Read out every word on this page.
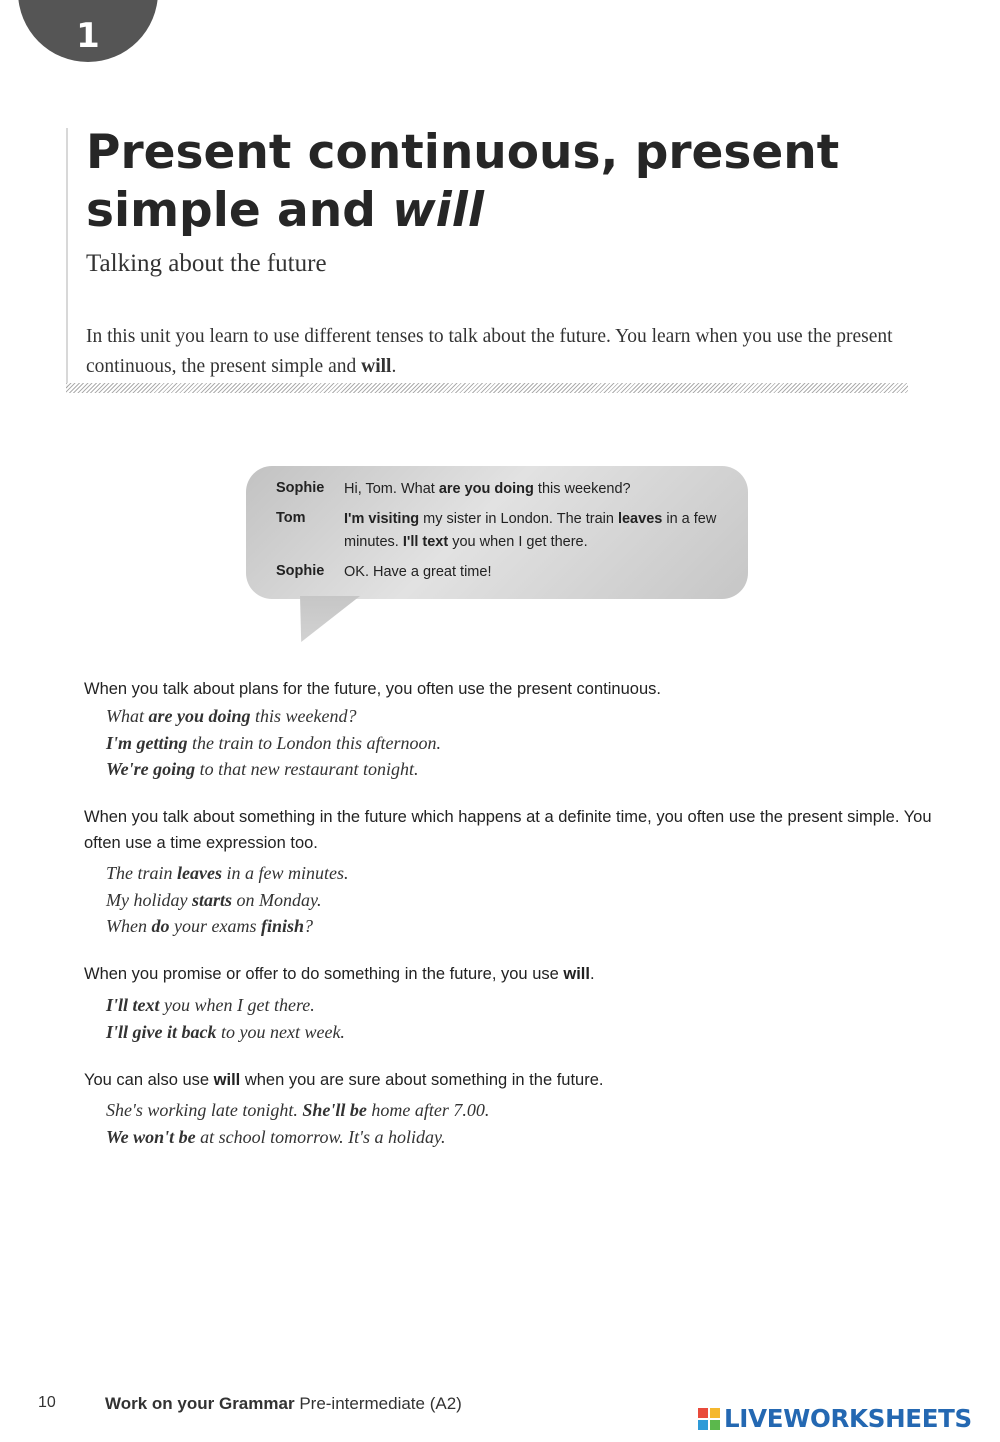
1
Present continuous, present simple and will

Talking about the future

In this unit you learn to use different tenses to talk about the future. You learn when you use the present continuous, the present simple and will.

Sophie	Hi, Tom. What are you doing this weekend?
Tom	I'm visiting my sister in London. The train leaves in a few minutes. I'll text you when I get there.
Sophie	OK. Have a great time!

When you talk about plans for the future, you often use the present continuous.

What are you doing this weekend?
I'm getting the train to London this afternoon.
We're going to that new restaurant tonight.

When you talk about something in the future which happens at a definite time, you often use the present simple. You often use a time expression too.

The train leaves in a few minutes.
My holiday starts on Monday.
When do your exams finish?

When you promise or offer to do something in the future, you use will.

I'll text you when I get there.
I'll give it back to you next week.

You can also use will when you are sure about something in the future.

She's working late tonight. She'll be home after 7.00.
We won't be at school tomorrow. It's a holiday.
10	Work on your Grammar Pre-intermediate (A2)
LIVEWORKSHEETS
